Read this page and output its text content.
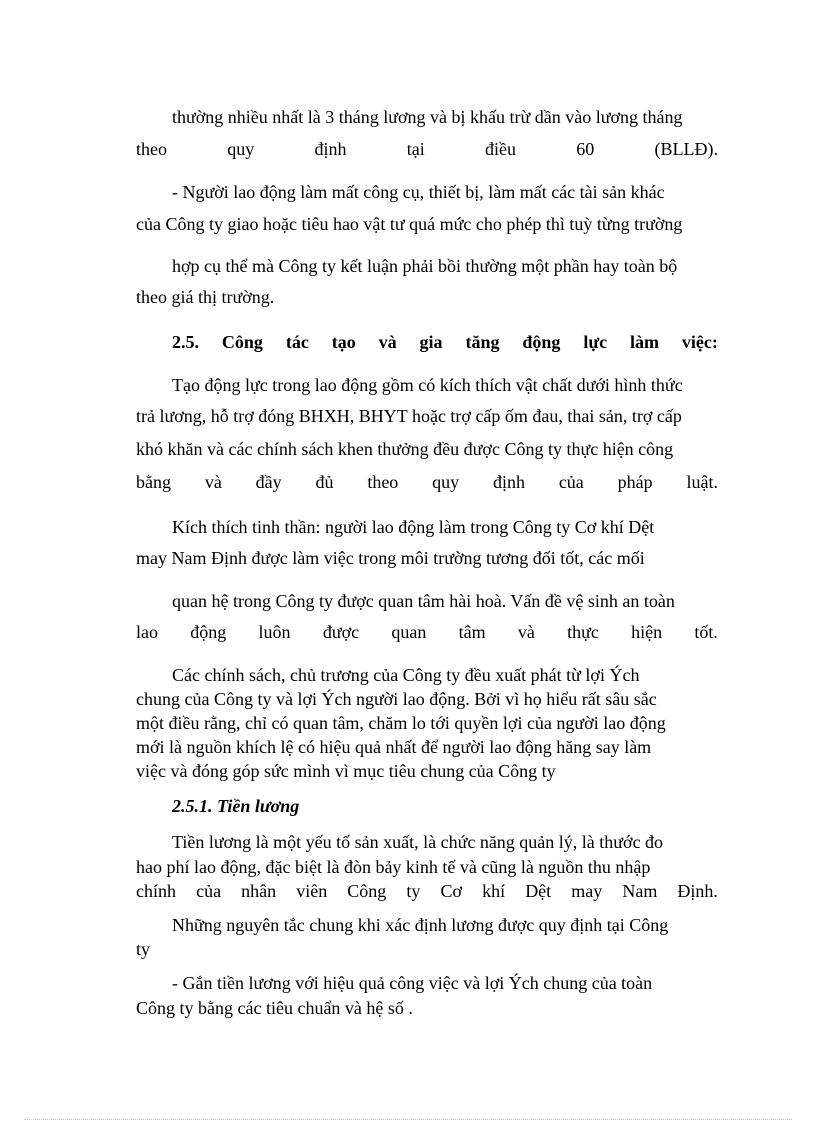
thường nhiều nhất là 3 tháng lương và bị khấu trừ dần vào lương tháng
theo	quy	định	tại	điều	60	(BLLĐ).
- Người lao động làm mất công cụ, thiết bị, làm mất các tài sản khác
của Công ty giao hoặc tiêu hao vật tư quá mức cho phép thì tuỳ từng trường
hợp cụ thể mà Công ty kết luận phải bồi thường một phần hay toàn bộ
theo giá thị trường.
2.5. Công tác tạo và gia tăng động lực làm việc:
Tạo động lực trong lao động gồm có kích thích vật chất dưới hình thức
trả lương, hỗ trợ đóng BHXH, BHYT hoặc trợ cấp ốm đau, thai sản, trợ cấp
khó khăn và các chính sách khen thưởng đều được Công ty thực hiện công
bằng và đầy đủ theo quy định của pháp luật.
Kích thích tinh thần: người lao động làm trong Công ty Cơ khí Dệt
may Nam Định được làm việc trong môi trường tương đối tốt, các mối
quan hệ trong Công ty được quan tâm hài hoà. Vấn đề vệ sinh an toàn
lao động luôn được quan tâm và thực hiện tốt.
Các chính sách, chủ trương của Công ty đều xuất phát từ lợi Ých
chung của Công ty và lợi Ých người lao động. Bởi vì họ hiểu rất sâu sắc
một điều rằng, chỉ có quan tâm, chăm lo tới quyền lợi của người lao động
mới là nguồn khích lệ có hiệu quả nhất để người lao động hăng say làm
việc và đóng góp sức mình vì mục tiêu chung của Công ty
2.5.1. Tiền lương
Tiền lương là một yếu tố sản xuất, là chức năng quản lý, là thước đo
hao phí lao động, đặc biệt là đòn bảy kinh tế và cũng là nguồn thu nhập
chính của nhân viên Công ty Cơ khí Dệt may Nam Định.
Những nguyên tắc chung khi xác định lương được quy định tại Công
ty
- Gắn tiền lương với hiệu quả công việc và lợi Ých chung của toàn
Công ty bằng các tiêu chuẩn và hệ số .
